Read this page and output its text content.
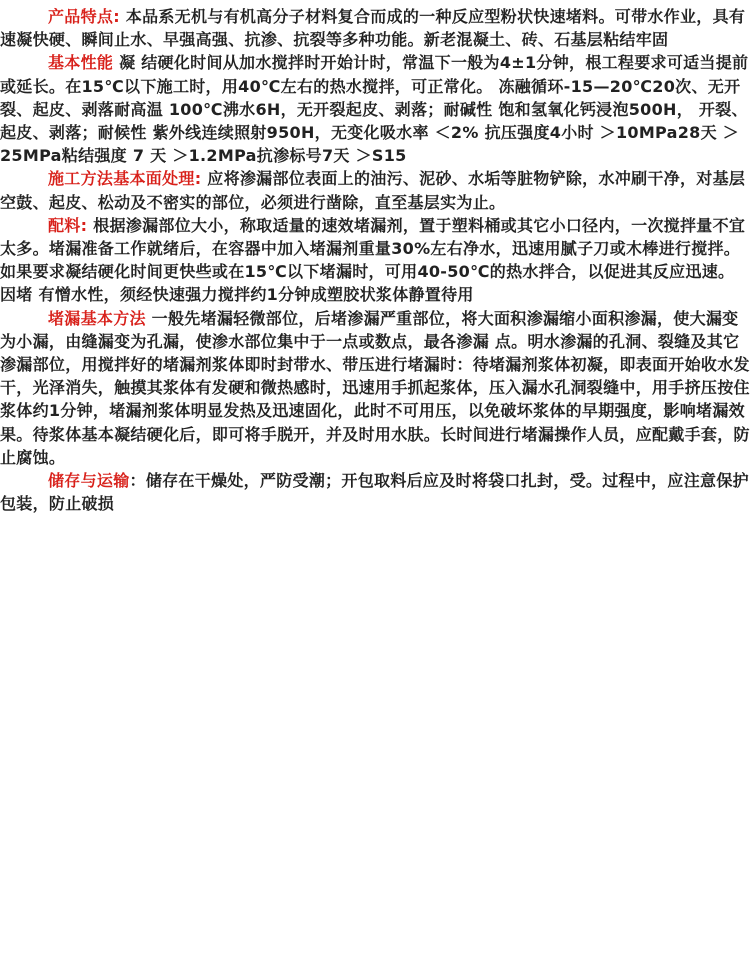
产品特点: 本品系无机与有机高分子材料复合而成的一种反应型粉状快速堵料。可带水作业，具有速凝快硬、瞬间止水、早强高强、抗渗、抗裂等多种功能。新老混凝土、砖、石基层粘结牢固

基本性能 凝 结硬化时间从加水搅拌时开始计时，常温下一般为4±1分钟，根工程要求可适当提前或延长。在15℃以下施工时，用40℃左右的热水搅拌，可正常化。 冻融循环-15—20℃20次、无开裂、起皮、剥落耐高温 100℃沸水6H，无开裂起皮、剥落；耐碱性 饱和氢氧化钙浸泡500H， 开裂、起皮、剥落；耐候性 紫外线连续照射950H，无变化吸水率 ＜2% 抗压强度4小时 ＞10MPa28天 ＞25MPa粘结强度 7 天 ＞1.2MPa抗渗标号7天 ＞S15

施工方法基本面处理: 应将渗漏部位表面上的油污、泥砂、水垢等脏物铲除，水冲刷干净，对基层空鼓、起皮、松动及不密实的部位，必须进行凿除，直至基层实为止。

配料: 根据渗漏部位大小，称取适量的速效堵漏剂，置于塑料桶或其它小口径内，一次搅拌量不宜太多。堵漏准备工作就绪后，在容器中加入堵漏剂重量30%左右净水，迅速用腻子刀或木棒进行搅拌。如果要求凝结硬化时间更快些或在15℃以下堵漏时，可用40-50℃的热水拌合，以促进其反应迅速。因堵 有憎水性，须经快速强力搅拌约1分钟成塑胶状浆体静置待用

堵漏基本方法 一般先堵漏轻微部位，后堵渗漏严重部位，将大面积渗漏缩小面积渗漏，使大漏变为小漏，由缝漏变为孔漏，使渗水部位集中于一点或数点，最各渗漏 点。明水渗漏的孔洞、裂缝及其它渗漏部位，用搅拌好的堵漏剂浆体即时封带水、带压进行堵漏时：待堵漏剂浆体初凝，即表面开始收水发干，光泽消失，触摸其浆体有发硬和微热感时，迅速用手抓起浆体，压入漏水孔洞裂缝中，用手挤压按住浆体约1分钟，堵漏剂浆体明显发热及迅速固化，此时不可用压，以免破坏浆体的早期强度，影响堵漏效果。待浆体基本凝结硬化后，即可将手脱开，并及时用水肤。长时间进行堵漏操作人员，应配戴手套，防止腐蚀。

储存与运输：储存在干燥处，严防受潮；开包取料后应及时将袋口扎封，受。过程中，应注意保护包装，防止破损
